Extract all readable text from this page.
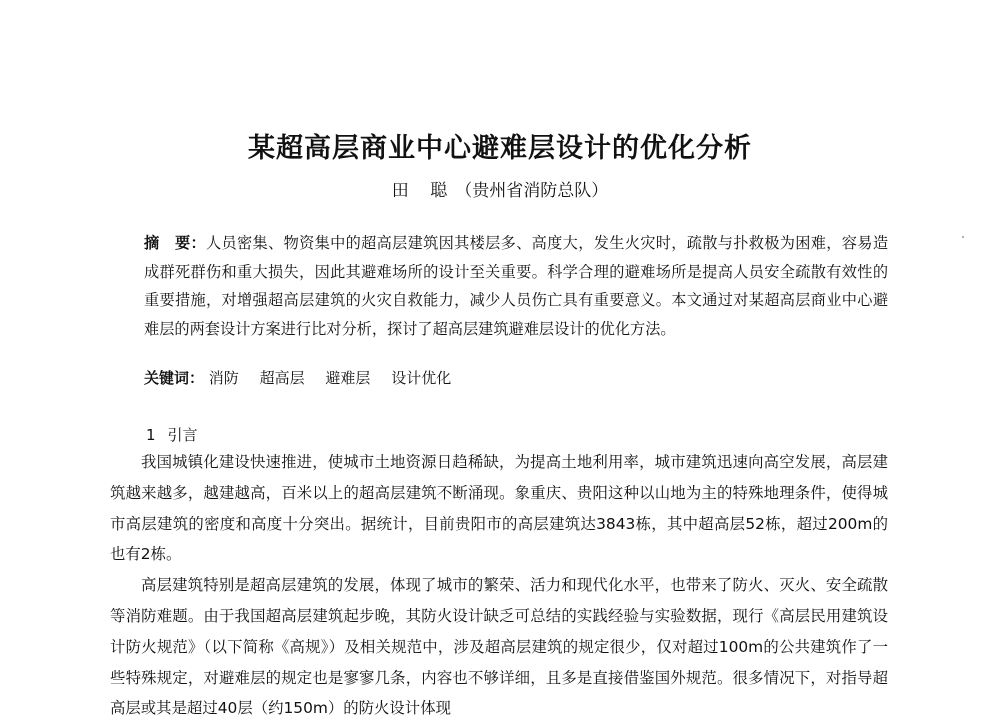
某超高层商业中心避难层设计的优化分析
田 聪（贵州省消防总队）
摘　要：人员密集、物资集中的超高层建筑因其楼层多、高度大，发生火灾时，疏散与扑救极为困难，容易造成群死群伤和重大损失，因此其避难场所的设计至关重要。科学合理的避难场所是提高人员安全疏散有效性的重要措施，对增强超高层建筑的火灾自救能力，减少人员伤亡具有重要意义。本文通过对某超高层商业中心避难层的两套设计方案进行比对分析，探讨了超高层建筑避难层设计的优化方法。
关键词： 消防 超高层 避难层 设计优化
1 引言

我国城镇化建设快速推进，使城市土地资源日趋稀缺，为提高土地利用率，城市建筑迅速向高空发展，高层建筑越来越多，越建越高，百米以上的超高层建筑不断涌现。象重庆、贵阳这种以山地为主的特殊地理条件，使得城市高层建筑的密度和高度十分突出。据统计，目前贵阳市的高层建筑达3843栋，其中超高层52栋，超过200m的也有2栋。

高层建筑特别是超高层建筑的发展，体现了城市的繁荣、活力和现代化水平，也带来了防火、灭火、安全疏散等消防难题。由于我国超高层建筑起步晚，其防火设计缺乏可总结的实践经验与实验数据，现行《高层民用建筑设计防火规范》（以下简称《高规》）及相关规范中，涉及超高层建筑的规定很少，仅对超过100m的公共建筑作了一些特殊规定，对避难层的规定也是寥寥几条，内容也不够详细，且多是直接借鉴国外规范。很多情况下，对指导超高层或其是超过40层（约150m）的防火设计体现
